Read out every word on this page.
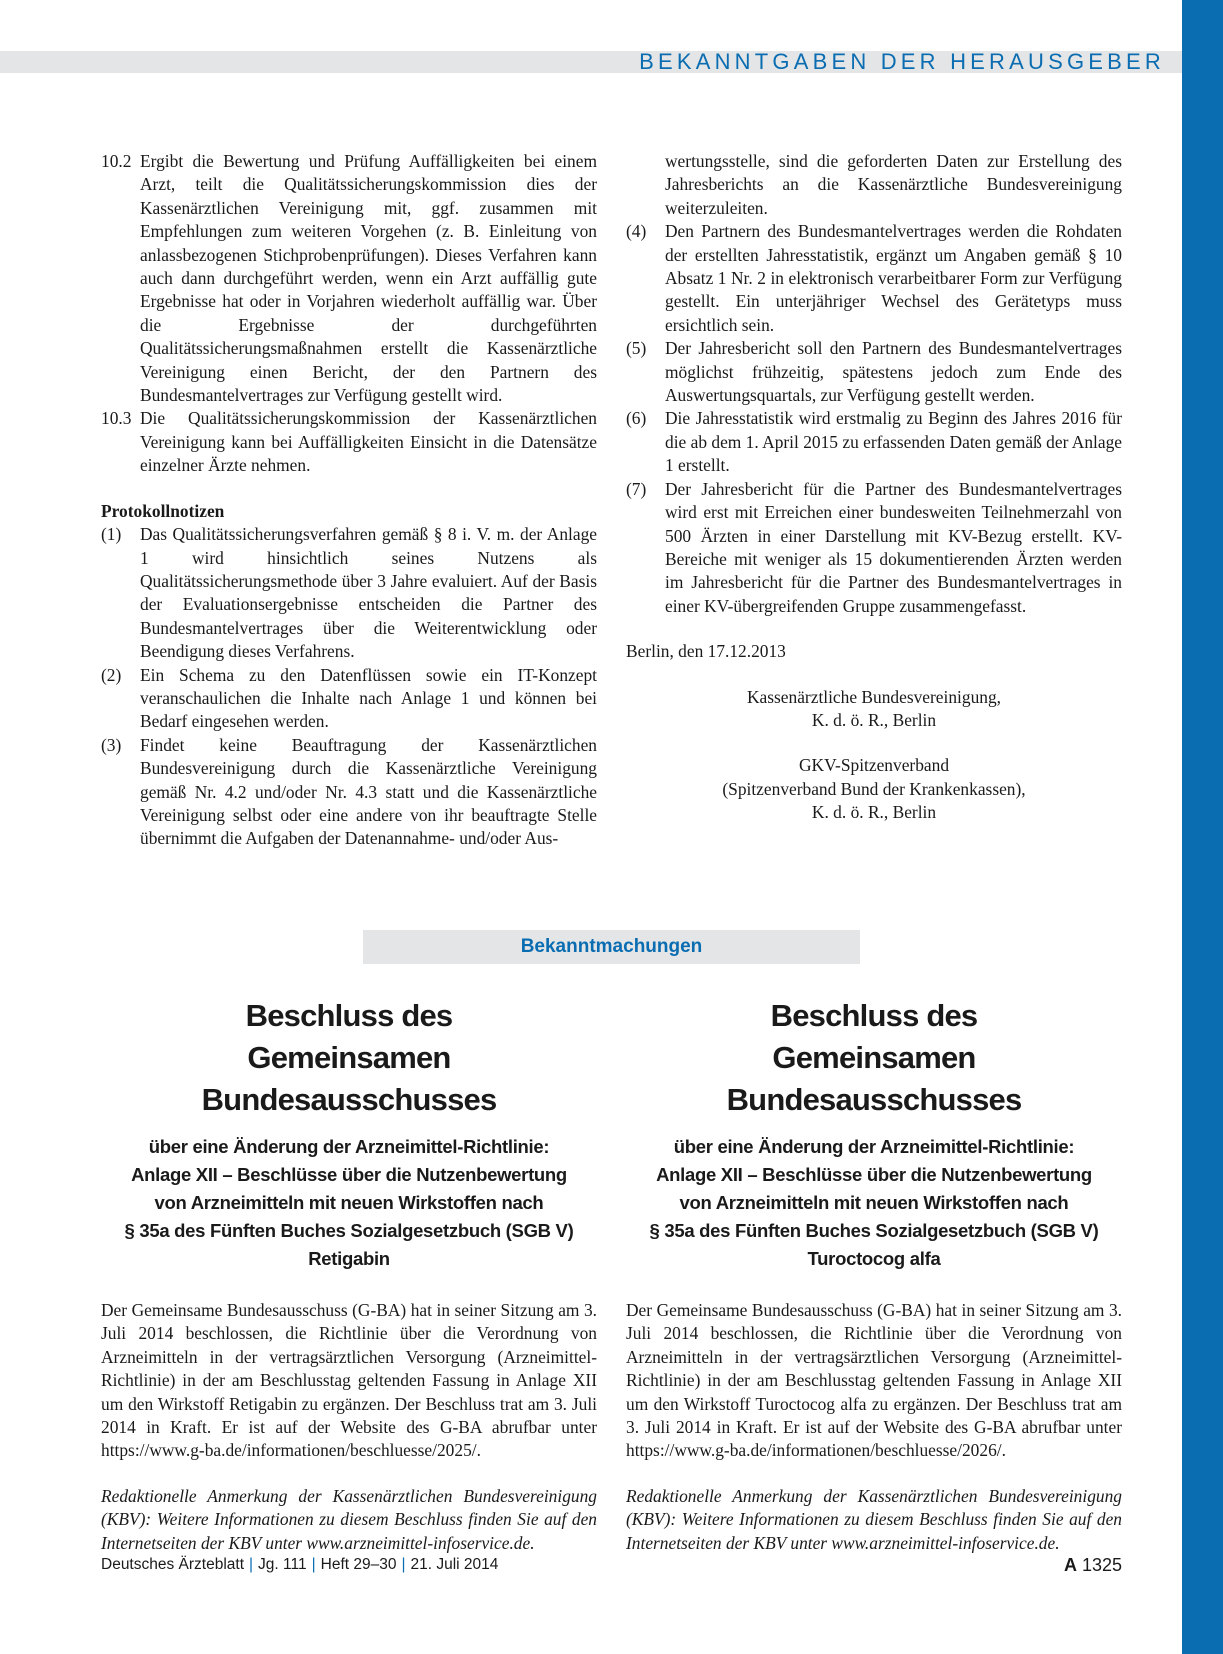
BEKANNTGABEN DER HERAUSGEBER
10.2 Ergibt die Bewertung und Prüfung Auffälligkeiten bei einem Arzt, teilt die Qualitätssicherungskommission dies der Kassenärztlichen Vereinigung mit, ggf. zusammen mit Empfehlungen zum weiteren Vorgehen (z. B. Einleitung von anlassbezogenen Stichprobenprüfungen). Dieses Verfahren kann auch dann durchgeführt werden, wenn ein Arzt auffällig gute Ergebnisse hat oder in Vorjahren wiederholt auffällig war. Über die Ergebnisse der durchgeführten Qualitätssicherungsmaßnahmen erstellt die Kassenärztliche Vereinigung einen Bericht, der den Partnern des Bundesmantelvertrages zur Verfügung gestellt wird.

10.3 Die Qualitätssicherungskommission der Kassenärztlichen Vereinigung kann bei Auffälligkeiten Einsicht in die Datensätze einzelner Ärzte nehmen.

Protokollnotizen

(1)	Das Qualitätssicherungsverfahren gemäß § 8 i. V. m. der Anlage 1 wird hinsichtlich seines Nutzens als Qualitätssicherungsmethode über 3 Jahre evaluiert. Auf der Basis der Evaluationsergebnisse entscheiden die Partner des Bundesmantelvertrages über die Weiterentwicklung oder Beendigung dieses Verfahrens.

(2)	Ein Schema zu den Datenflüssen sowie ein IT-Konzept veranschaulichen die Inhalte nach Anlage 1 und können bei Bedarf eingesehen werden.

(3)	Findet keine Beauftragung der Kassenärztlichen Bundesvereinigung durch die Kassenärztliche Vereinigung gemäß Nr. 4.2 und/oder Nr. 4.3 statt und die Kassenärztliche Vereinigung selbst oder eine andere von ihr beauftragte Stelle übernimmt die Aufgaben der Datenannahme- und/oder Aus-

wertungsstelle, sind die geforderten Daten zur Erstellung des Jahresberichts an die Kassenärztliche Bundesvereinigung weiterzuleiten.

(4)	Den Partnern des Bundesmantelvertrages werden die Rohdaten der erstellten Jahresstatistik, ergänzt um Angaben gemäß § 10 Absatz 1 Nr. 2 in elektronisch verarbeitbarer Form zur Verfügung gestellt. Ein unterjähriger Wechsel des Gerätetyps muss ersichtlich sein.

(5)	Der Jahresbericht soll den Partnern des Bundesmantelvertrages möglichst frühzeitig, spätestens jedoch zum Ende des Auswertungsquartals, zur Verfügung gestellt werden.

(6)	Die Jahresstatistik wird erstmalig zu Beginn des Jahres 2016 für die ab dem 1. April 2015 zu erfassenden Daten gemäß der Anlage 1 erstellt.

(7)	Der Jahresbericht für die Partner des Bundesmantelvertrages wird erst mit Erreichen einer bundesweiten Teilnehmerzahl von 500 Ärzten in einer Darstellung mit KV-Bezug erstellt. KV-Bereiche mit weniger als 15 dokumentierenden Ärzten werden im Jahresbericht für die Partner des Bundesmantelvertrages in einer KV-übergreifenden Gruppe zusammengefasst.

Berlin, den 17.12.2013

Kassenärztliche Bundesvereinigung,

K. d. ö. R., Berlin

GKV-Spitzenverband

(Spitzenverband Bund der Krankenkassen),

K. d. ö. R., Berlin

Bekanntmachungen

Beschluss des
Gemeinsamen Bundesausschusses

über eine Änderung der Arzneimittel-Richtlinie:
Anlage XII – Beschlüsse über die Nutzenbewertung
von Arzneimitteln mit neuen Wirkstoffen nach
§ 35a des Fünften Buches Sozialgesetzbuch (SGB V)
Retigabin

Der Gemeinsame Bundesausschuss (G-BA) hat in seiner Sitzung am 3. Juli 2014 beschlossen, die Richtlinie über die Verordnung von Arzneimitteln in der vertragsärztlichen Versorgung (Arzneimittel-Richtlinie) in der am Beschlusstag geltenden Fassung in Anlage XII um den Wirkstoff Retigabin zu ergänzen. Der Beschluss trat am 3. Juli 2014 in Kraft. Er ist auf der Website des G-BA abrufbar unter https://www.g-ba.de/informationen/beschluesse/2025/.

Redaktionelle Anmerkung der Kassenärztlichen Bundesvereinigung (KBV): Weitere Informationen zu diesem Beschluss finden Sie auf den Internetseiten der KBV unter www.arzneimittel-infoservice.de.

Beschluss des
Gemeinsamen Bundesausschusses

über eine Änderung der Arzneimittel-Richtlinie:
Anlage XII – Beschlüsse über die Nutzenbewertung
von Arzneimitteln mit neuen Wirkstoffen nach
§ 35a des Fünften Buches Sozialgesetzbuch (SGB V)
Turoctocog alfa

Der Gemeinsame Bundesausschuss (G-BA) hat in seiner Sitzung am 3. Juli 2014 beschlossen, die Richtlinie über die Verordnung von Arzneimitteln in der vertragsärztlichen Versorgung (Arzneimittel-Richtlinie) in der am Beschlusstag geltenden Fassung in Anlage XII um den Wirkstoff Turoctocog alfa zu ergänzen. Der Beschluss trat am 3. Juli 2014 in Kraft. Er ist auf der Website des G-BA abrufbar unter https://www.g-ba.de/informationen/beschluesse/2026/.

Redaktionelle Anmerkung der Kassenärztlichen Bundesvereinigung (KBV): Weitere Informationen zu diesem Beschluss finden Sie auf den Internetseiten der KBV unter www.arzneimittel-infoservice.de.

Deutsches Ärzteblatt | Jg. 111 | Heft 29–30 | 21. Juli 2014	A 1325
